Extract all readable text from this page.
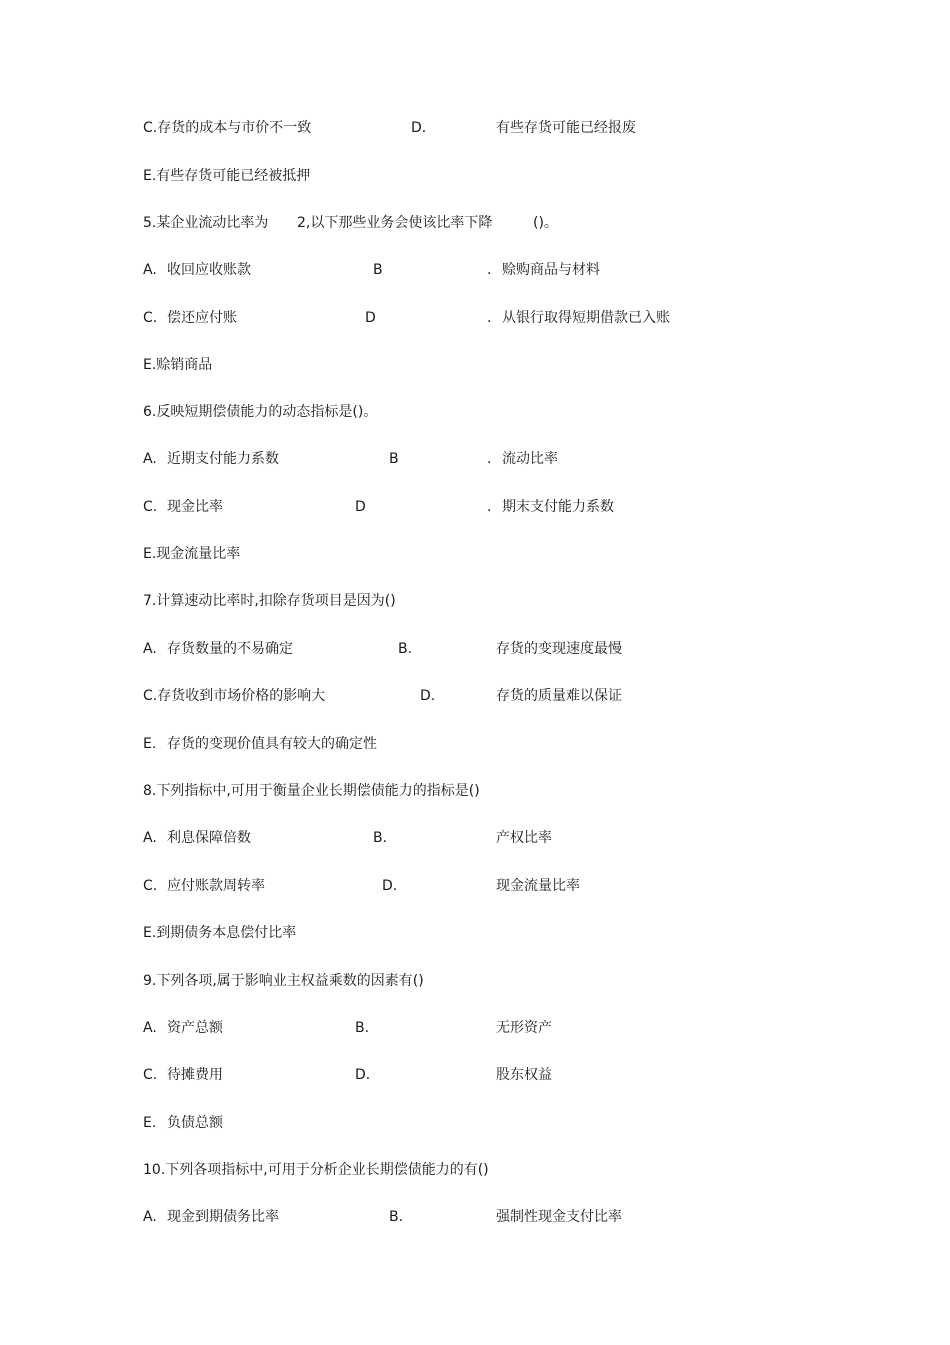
C.存货的成本与市价不一致	D.	有些存货可能已经报废
E.有些存货可能已经被抵押
5.某企业流动比率为 2,以下那些业务会使该比率下降	()。
A. 收回应收账款	B	. 赊购商品与材料
C. 偿还应付账	D	. 从银行取得短期借款已入账
E.赊销商品
6.反映短期偿债能力的动态指标是()。
A. 近期支付能力系数	B	. 流动比率
C. 现金比率	D	. 期末支付能力系数
E.现金流量比率
7.计算速动比率时,扣除存货项目是因为()
A. 存货数量的不易确定	B.	存货的变现速度最慢
C.存货收到市场价格的影响大	D.	存货的质量难以保证
E. 存货的变现价值具有较大的确定性
8.下列指标中,可用于衡量企业长期偿债能力的指标是()
A. 利息保障倍数	B.	产权比率
C. 应付账款周转率	D.	现金流量比率
E.到期债务本息偿付比率
9.下列各项,属于影响业主权益乘数的因素有()
A. 资产总额	B.	无形资产
C. 待摊费用	D.	股东权益
E. 负债总额
10.下列各项指标中,可用于分析企业长期偿债能力的有()
A. 现金到期债务比率	B.	强制性现金支付比率
